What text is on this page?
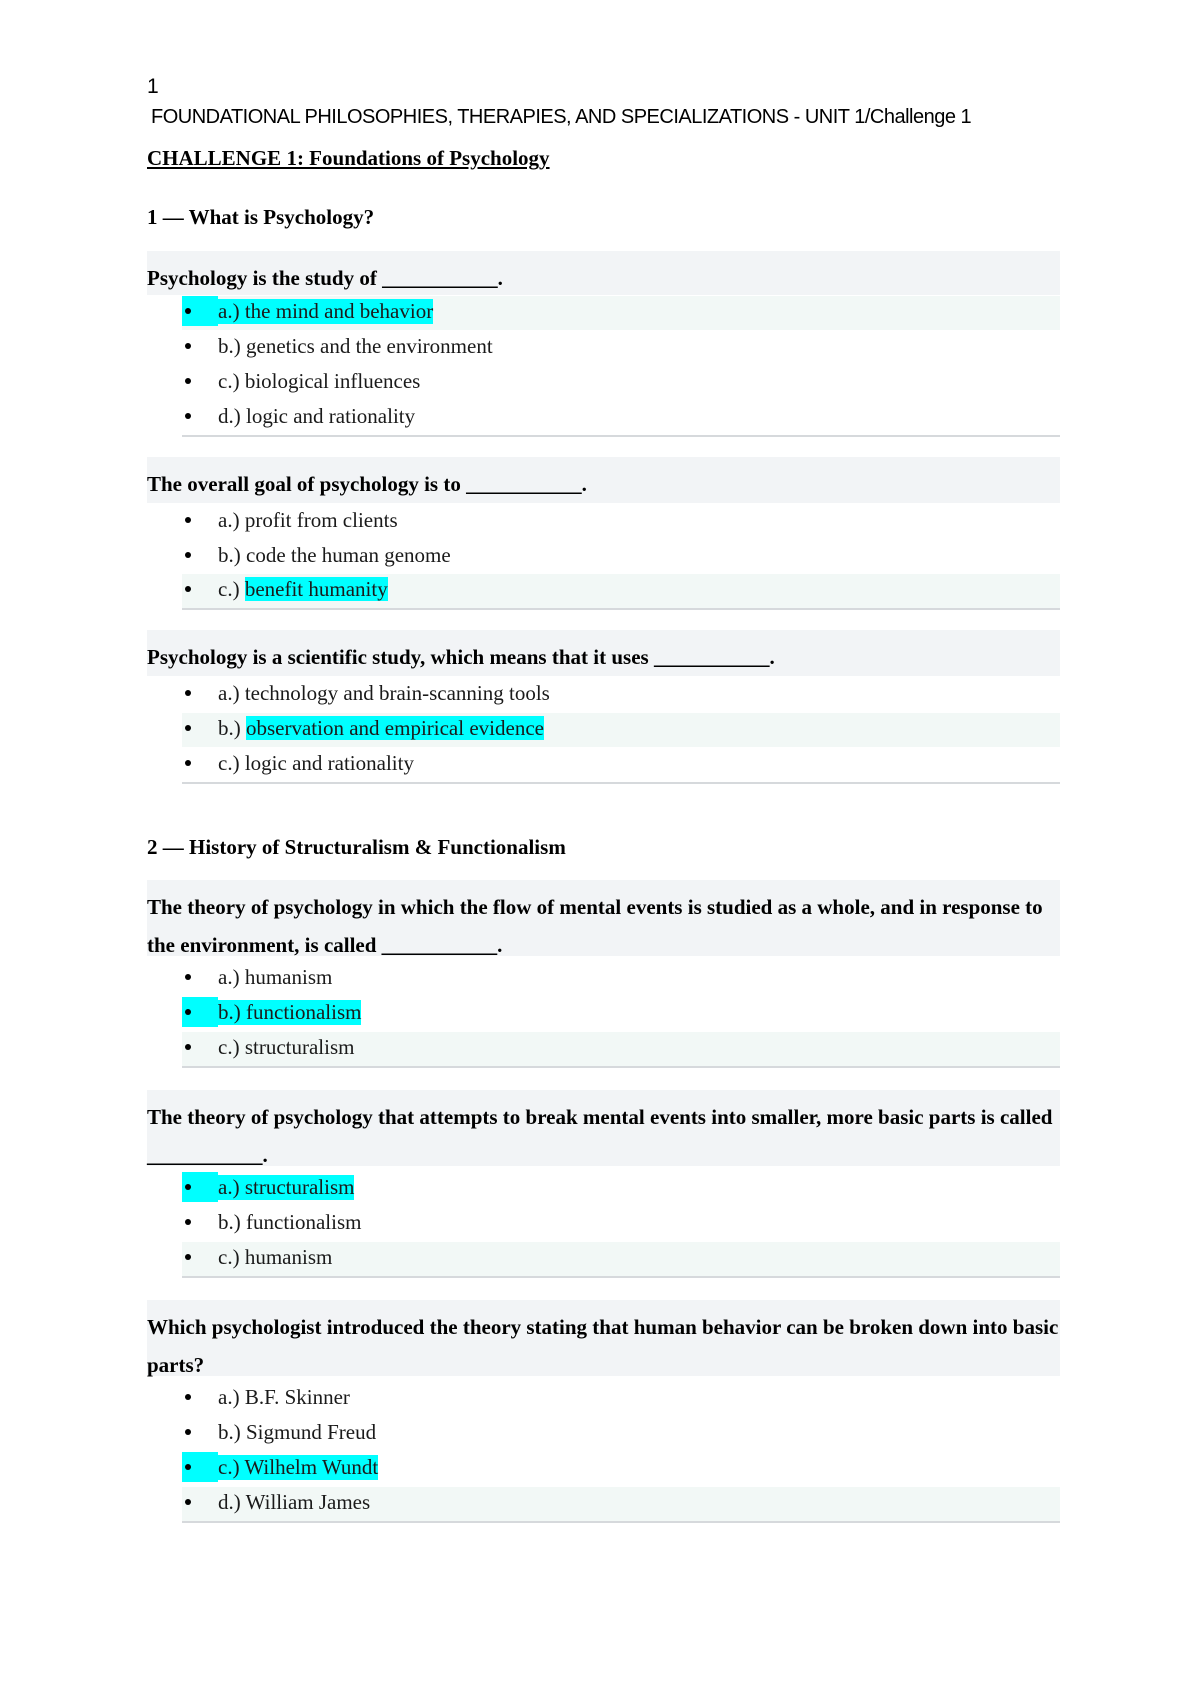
1
FOUNDATIONAL PHILOSOPHIES, THERAPIES, AND SPECIALIZATIONS - UNIT 1/Challenge 1
CHALLENGE 1: Foundations of Psychology
1 — What is Psychology?
Psychology is the study of ___________.
a.) the mind and behavior
b.) genetics and the environment
c.) biological influences
d.) logic and rationality
The overall goal of psychology is to ___________.
a.) profit from clients
b.) code the human genome
c.) benefit humanity
Psychology is a scientific study, which means that it uses ___________.
a.) technology and brain-scanning tools
b.) observation and empirical evidence
c.) logic and rationality
2 — History of Structuralism & Functionalism
The theory of psychology in which the flow of mental events is studied as a whole, and in response to the environment, is called ___________.
a.) humanism
b.) functionalism
c.) structuralism
The theory of psychology that attempts to break mental events into smaller, more basic parts is called ___________.
a.) structuralism
b.) functionalism
c.) humanism
Which psychologist introduced the theory stating that human behavior can be broken down into basic parts?
a.) B.F. Skinner
b.) Sigmund Freud
c.) Wilhelm Wundt
d.) William James
